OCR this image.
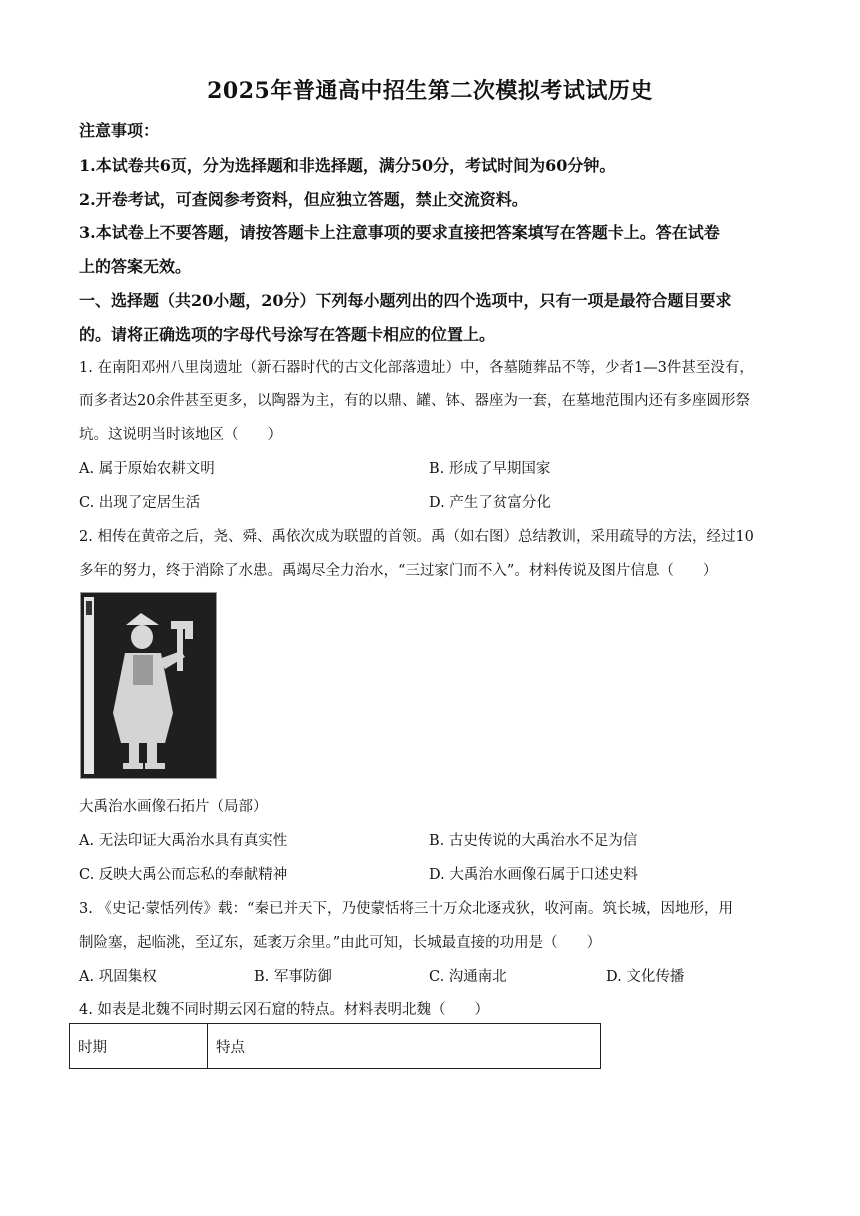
2025年普通高中招生第二次模拟考试试历史
注意事项：
1.本试卷共6页，分为选择题和非选择题，满分50分，考试时间为60分钟。
2.开卷考试，可查阅参考资料，但应独立答题，禁止交流资料。
3.本试卷上不要答题，请按答题卡上注意事项的要求直接把答案填写在答题卡上。答在试卷
上的答案无效。
一、选择题（共20小题，20分）下列每小题列出的四个选项中，只有一项是最符合题目要求
的。请将正确选项的字母代号涂写在答题卡相应的位置上。
1. 在南阳邓州八里岗遗址（新石器时代的古文化部落遗址）中，各墓随葬品不等，少者1—3件甚至没有，
而多者达20余件甚至更多，以陶器为主，有的以鼎、罐、钵、器座为一套，在墓地范围内还有多座圆形祭
坑。这说明当时该地区（　　）
A. 属于原始农耕文明	B. 形成了早期国家
C. 出现了定居生活	D. 产生了贫富分化
2. 相传在黄帝之后，尧、舜、禹依次成为联盟的首领。禹（如右图）总结教训，采用疏导的方法，经过10
多年的努力，终于消除了水患。禹竭尽全力治水，“三过家门而不入”。材料传说及图片信息（　　）
大禹治水画像石拓片（局部）
A. 无法印证大禹治水具有真实性	B. 古史传说的大禹治水不足为信
C. 反映大禹公而忘私的奉献精神	D. 大禹治水画像石属于口述史料
3. 《史记·蒙恬列传》载：“秦已并天下，乃使蒙恬将三十万众北逐戎狄，收河南。筑长城，因地形，用
制险塞，起临洮，至辽东，延袤万余里。”由此可知，长城最直接的功用是（　　）
A. 巩固集权	B. 军事防御	C. 沟通南北	D. 文化传播
4. 如表是北魏不同时期云冈石窟的特点。材料表明北魏（　　）
时期	特点
